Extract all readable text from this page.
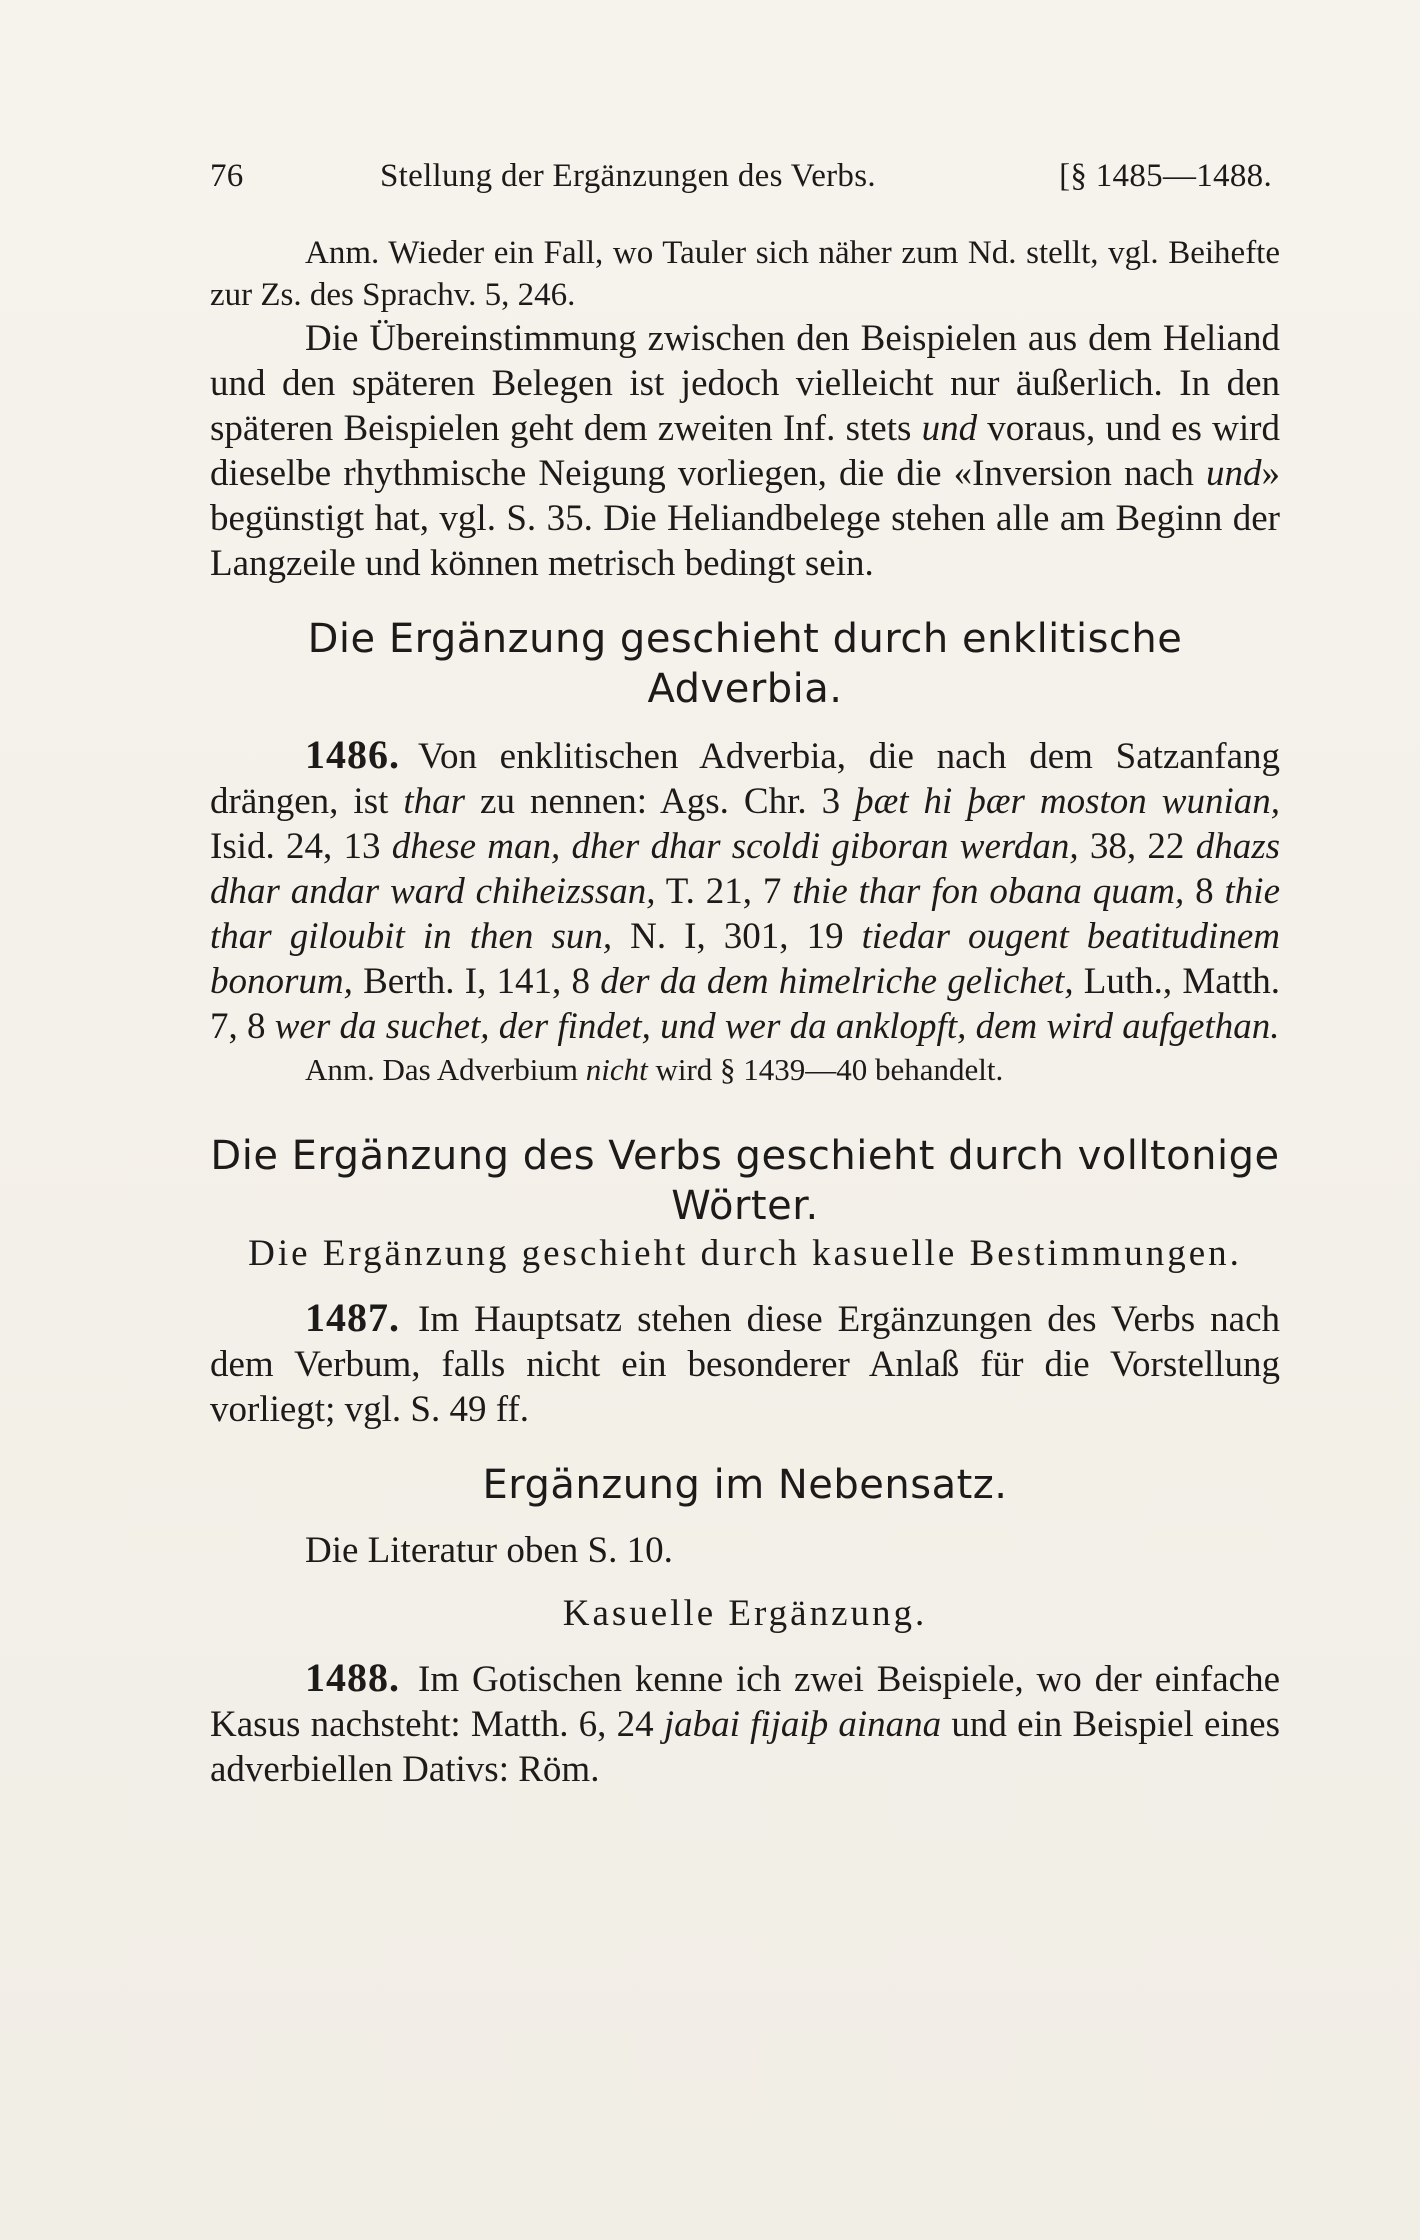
76	Stellung der Ergänzungen des Verbs.	[§ 1485—1488.

Anm. Wieder ein Fall, wo Tauler sich näher zum Nd. stellt, vgl. Beihefte zur Zs. des Sprachv. 5, 246.

Die Übereinstimmung zwischen den Beispielen aus dem Heliand und den späteren Belegen ist jedoch vielleicht nur äußerlich. In den späteren Beispielen geht dem zweiten Inf. stets und voraus, und es wird dieselbe rhythmische Neigung vorliegen, die die «Inversion nach und» begünstigt hat, vgl. S. 35. Die Heliandbelege stehen alle am Beginn der Langzeile und können metrisch bedingt sein.

Die Ergänzung geschieht durch enklitische Adverbia.

1486. Von enklitischen Adverbia, die nach dem Satzanfang drängen, ist thar zu nennen: Ags. Chr. 3 þæt hi þær moston wunian, Isid. 24, 13 dhese man, dher dhar scoldi giboran werdan, 38, 22 dhazs dhar andar ward chiheizssan, T. 21, 7 thie thar fon obana quam, 8 thie thar giloubit in then sun, N. I, 301, 19 tiedar ougent beatitudinem bonorum, Berth. I, 141, 8 der da dem himelriche gelichet, Luth., Matth. 7, 8 wer da suchet, der findet, und wer da anklopft, dem wird aufgethan.

Anm. Das Adverbium nicht wird § 1439—40 behandelt.

Die Ergänzung des Verbs geschieht durch volltonige Wörter.

Die Ergänzung geschieht durch kasuelle Bestimmungen.

1487. Im Hauptsatz stehen diese Ergänzungen des Verbs nach dem Verbum, falls nicht ein besonderer Anlaß für die Vorstellung vorliegt; vgl. S. 49 ff.

Ergänzung im Nebensatz.

Die Literatur oben S. 10.

Kasuelle Ergänzung.

1488. Im Gotischen kenne ich zwei Beispiele, wo der einfache Kasus nachsteht: Matth. 6, 24 jabai fijaiþ ainana und ein Beispiel eines adverbiellen Dativs: Röm.
